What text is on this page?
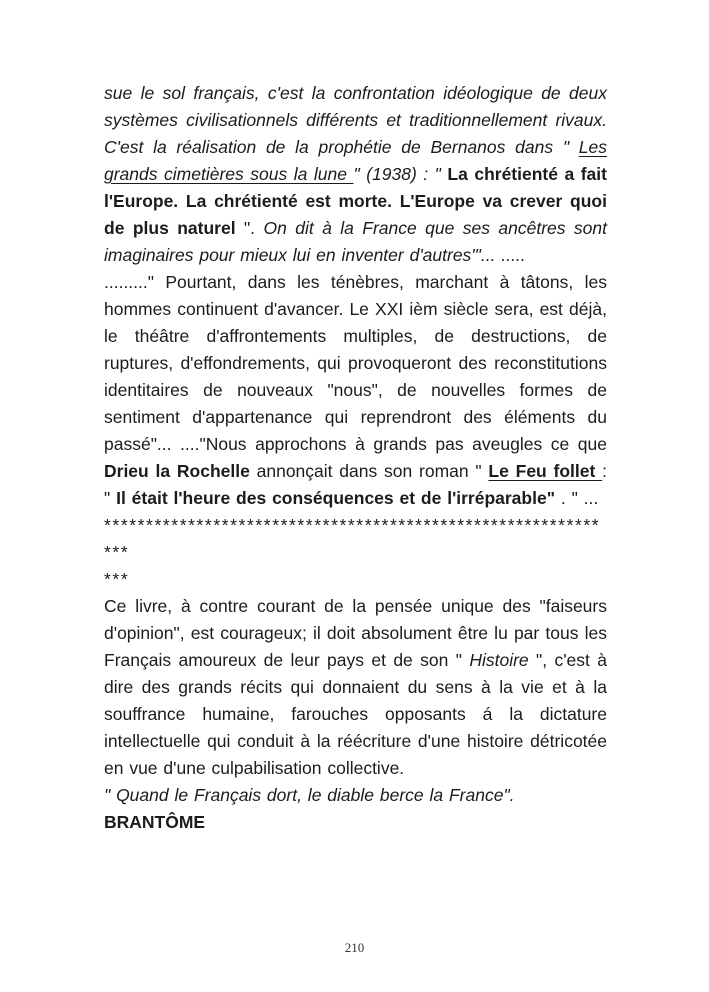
sue le sol français, c'est la confrontation idéologique de deux systèmes civilisationnels différents et traditionnellement rivaux. C'est la réalisation de la prophétie de Bernanos dans " Les grands cimetières sous la lune " (1938) : " La chrétienté a fait l'Europe. La chrétienté est morte. L'Europe va crever quoi de plus naturel ". On dit à la France que ses ancêtres sont imaginaires pour mieux lui en inventer d'autres'"... .....

........." Pourtant, dans les ténèbres, marchant à tâtons, les hommes continuent d'avancer. Le XXI ièm siècle sera, est déjà, le théâtre d'affrontements multiples, de destructions, de ruptures, d'effondrements, qui provoqueront des reconstitutions identitaires de nouveaux "nous", de nouvelles formes de sentiment d'appartenance qui reprendront des éléments du passé"... ...."Nous approchons à grands pas aveugles ce que Drieu la Rochelle annonçait dans son roman " Le Feu follet : " Il était l'heure des conséquences et de l'irréparable" . " ...

**************************************************************

***

Ce livre, à contre courant de la pensée unique des "faiseurs d'opinion", est courageux; il doit absolument être lu par tous les Français amoureux de leur pays et de son " Histoire ", c'est à dire des grands récits qui donnaient du sens à la vie et à la souffrance humaine, farouches opposants á la dictature intellectuelle qui conduit à la réécriture d'une histoire détricotée en vue d'une culpabilisation collective.

" Quand le Français dort, le diable berce la France".

BRANTÔME

210
